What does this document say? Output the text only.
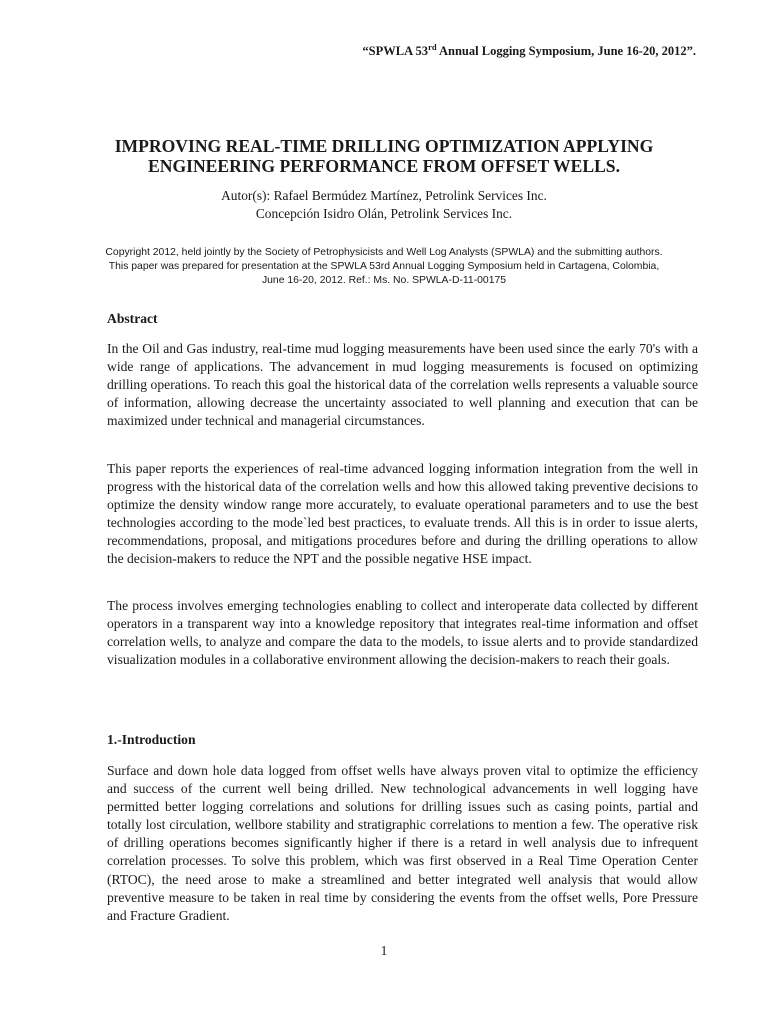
“SPWLA 53rd Annual Logging Symposium, June 16-20, 2012”.
IMPROVING REAL-TIME DRILLING OPTIMIZATION APPLYING
ENGINEERING PERFORMANCE FROM OFFSET WELLS.
Autor(s): Rafael Bermúdez Martínez, Petrolink Services Inc.
Concepción Isidro Olán, Petrolink Services Inc.

Copyright 2012, held jointly by the Society of Petrophysicists and Well Log Analysts (SPWLA) and the submitting authors. This paper was prepared for presentation at the SPWLA 53rd Annual Logging Symposium held in Cartagena, Colombia, June 16-20, 2012. Ref.: Ms. No. SPWLA-D-11-00175

Abstract

In the Oil and Gas industry, real-time mud logging measurements have been used since the early 70's with a wide range of applications. The advancement in mud logging measurements is focused on optimizing drilling operations. To reach this goal the historical data of the correlation wells represents a valuable source of information, allowing decrease the uncertainty associated to well planning and execution that can be maximized under technical and managerial circumstances.

This paper reports the experiences of real-time advanced logging information integration from the well in progress with the historical data of the correlation wells and how this allowed taking preventive decisions to optimize the density window range more accurately, to evaluate operational parameters and to use the best technologies according to the mode`led best practices, to evaluate trends. All this is in order to issue alerts, recommendations, proposal, and mitigations procedures before and during the drilling operations to allow the decision-makers to reduce the NPT and the possible negative HSE impact.

The process involves emerging technologies enabling to collect and interoperate data collected by different operators in a transparent way into a knowledge repository that integrates real-time information and offset correlation wells, to analyze and compare the data to the models, to issue alerts and to provide standardized visualization modules in a collaborative environment allowing the decision-makers to reach their goals.

1.-Introduction

Surface and down hole data logged from offset wells have always proven vital to optimize the efficiency and success of the current well being drilled. New technological advancements in well logging have permitted better logging correlations and solutions for drilling issues such as casing points, partial and totally lost circulation, wellbore stability and stratigraphic correlations to mention a few. The operative risk of drilling operations becomes significantly higher if there is a retard in well analysis due to infrequent correlation processes. To solve this problem, which was first observed in a Real Time Operation Center (RTOC), the need arose to make a streamlined and better integrated well analysis that would allow preventive measure to be taken in real time by considering the events from the offset wells, Pore Pressure and Fracture Gradient.

1
